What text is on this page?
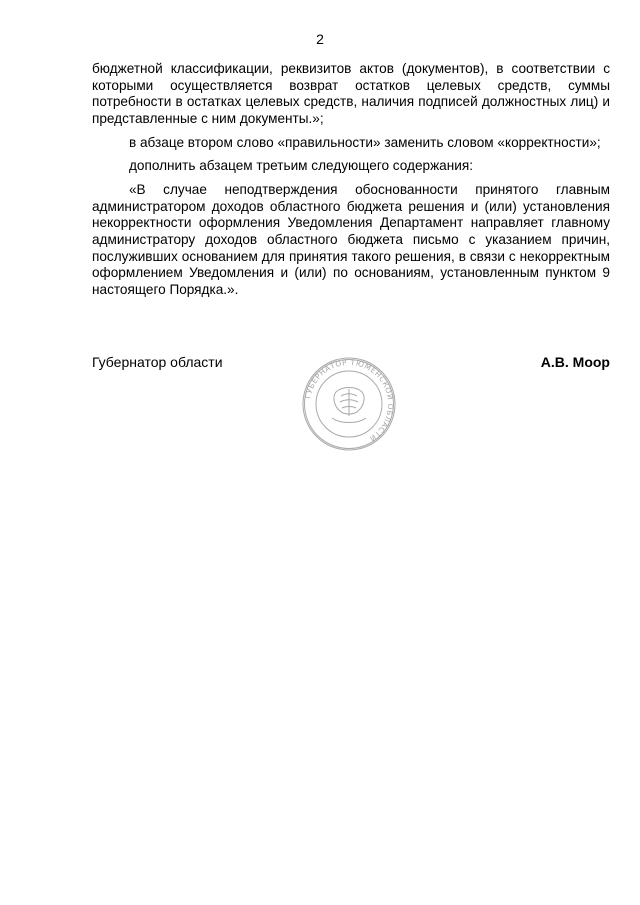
2

бюджетной классификации, реквизитов актов (документов), в соответствии с которыми осуществляется возврат остатков целевых средств, суммы потребности в остатках целевых средств, наличия подписей должностных лиц) и представленные с ним документы.»;

в абзаце втором слово «правильности» заменить словом «корректности»;

дополнить абзацем третьим следующего содержания:

«В случае неподтверждения обоснованности принятого главным администратором доходов областного бюджета решения и (или) установления некорректности оформления Уведомления Департамент направляет главному администратору доходов областного бюджета письмо с указанием причин, послуживших основанием для принятия такого решения, в связи с некорректным оформлением Уведомления и (или) по основаниям, установленным пунктом 9 настоящего Порядка.».

Губернатор области	А.В. Моор
ГУБЕРНАТОР ТЮМЕНСКОЙ ОБЛАСТИ
